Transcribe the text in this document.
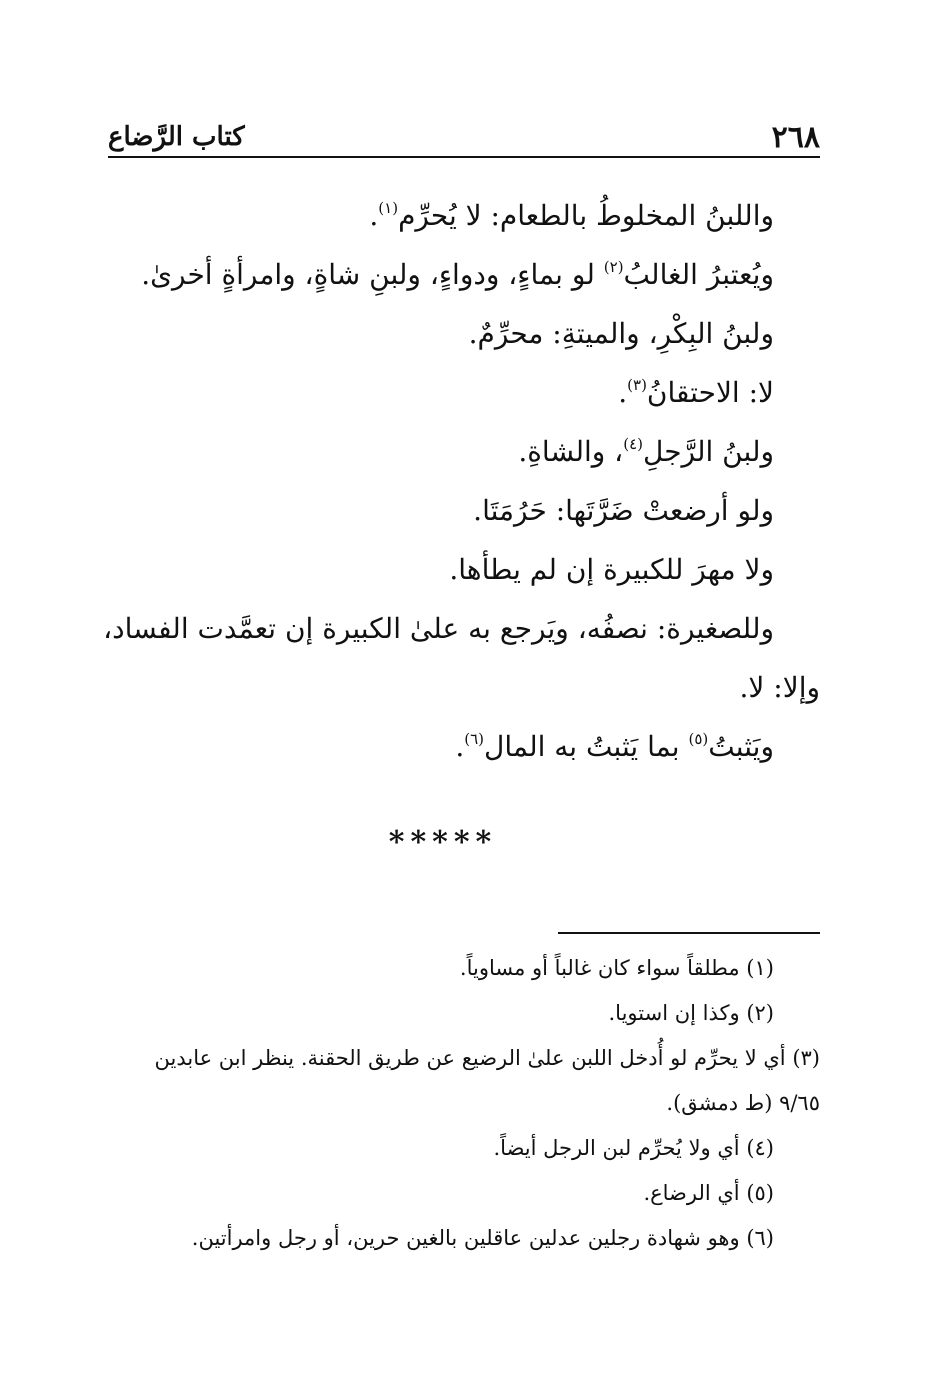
٢٦٨
كتاب الرَّضاع
واللبنُ المخلوطُ بالطعام: لا يُحرِّم$^{(١)}$.
ويُعتبرُ الغالبُ$^{(٢)}$ لو بماءٍ، ودواءٍ، ولبنِ شاةٍ، وامرأةٍ أخرىٰ.
ولبنُ البِكْرِ، والميتةِ: محرِّمٌ.
لا: الاحتقانُ$^{(٣)}$.
ولبنُ الرَّجلِ$^{(٤)}$، والشاةِ.
ولو أرضعتْ ضَرَّتَها: حَرُمَتَا.
ولا مهرَ للكبيرة إن لم يطأها.
وللصغيرة: نصفُه، ويَرجع به علىٰ الكبيرة إن تعمَّدت الفساد،
وإلا: لا.
ويَثبتُ$^{(٥)}$ بما يَثبتُ به المال$^{(٦)}$.
*****
(١) مطلقاً سواء كان غالباً أو مساوياً.
(٢) وكذا إن استويا.
(٣) أي لا يحرِّم لو أُدخل اللبن علىٰ الرضيع عن طريق الحقنة. ينظر ابن عابدين
٩/٦٥ (ط دمشق).
(٤) أي ولا يُحرِّم لبن الرجل أيضاً.
(٥) أي الرضاع.
(٦) وهو شهادة رجلين عدلين عاقلين بالغين حرين، أو رجل وامرأتين.
